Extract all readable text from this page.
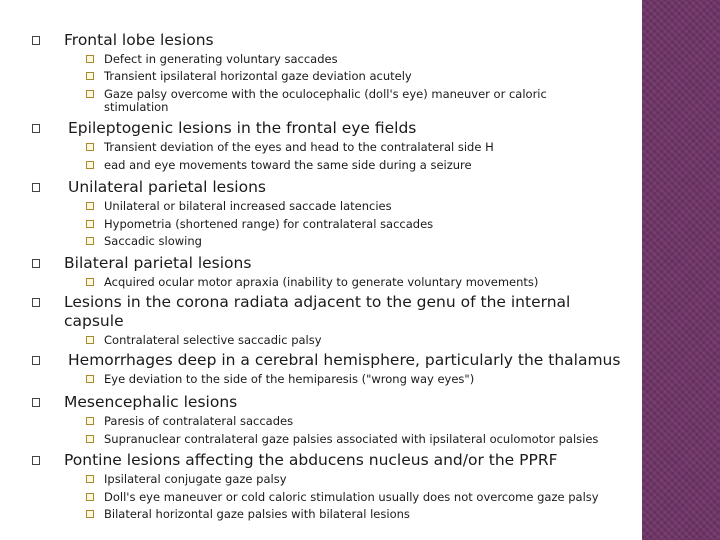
Frontal lobe lesions
Defect in generating voluntary saccades
Transient ipsilateral horizontal gaze deviation acutely
Gaze palsy overcome with the oculocephalic (doll's eye) maneuver or caloric stimulation
Epileptogenic lesions in the frontal eye fields
Transient deviation of the eyes and head to the contralateral side H
ead and eye movements toward the same side during a seizure
Unilateral parietal lesions
Unilateral or bilateral increased saccade latencies
Hypometria (shortened range) for contralateral saccades
Saccadic slowing
Bilateral parietal lesions
Acquired ocular motor apraxia (inability to generate voluntary movements)
Lesions in the corona radiata adjacent to the genu of the internal capsule
Contralateral selective saccadic palsy
Hemorrhages deep in a cerebral hemisphere, particularly the thalamus
Eye deviation to the side of the hemiparesis ("wrong way eyes")
Mesencephalic lesions
Paresis of contralateral saccades
Supranuclear contralateral gaze palsies associated with ipsilateral oculomotor palsies
Pontine lesions affecting the abducens nucleus and/or the PPRF
Ipsilateral conjugate gaze palsy
Doll's eye maneuver or cold caloric stimulation usually does not overcome gaze palsy
Bilateral horizontal gaze palsies with bilateral lesions
